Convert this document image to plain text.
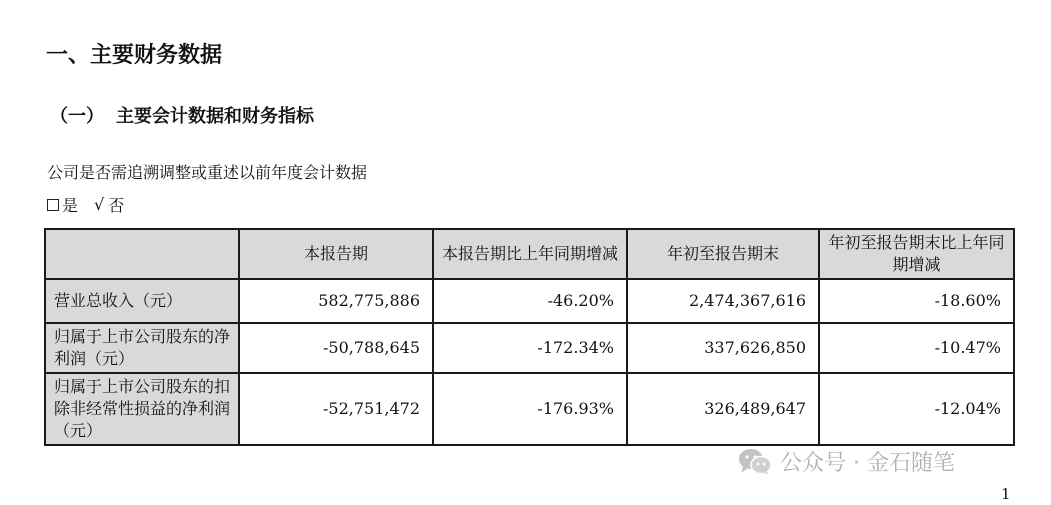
一、主要财务数据
（一） 主要会计数据和财务指标
公司是否需追溯调整或重述以前年度会计数据
是 √ 否
	本报告期	本报告期比上年同期增减	年初至报告期末	年初至报告期末比上年同期增减
营业总收入（元）	582,775,886	-46.20%	2,474,367,616	-18.60%
归属于上市公司股东的净利润（元）	-50,788,645	-172.34%	337,626,850	-10.47%
归属于上市公司股东的扣除非经常性损益的净利润（元）	-52,751,472	-176.93%	326,489,647	-12.04%
公众号 · 金石随笔
1
